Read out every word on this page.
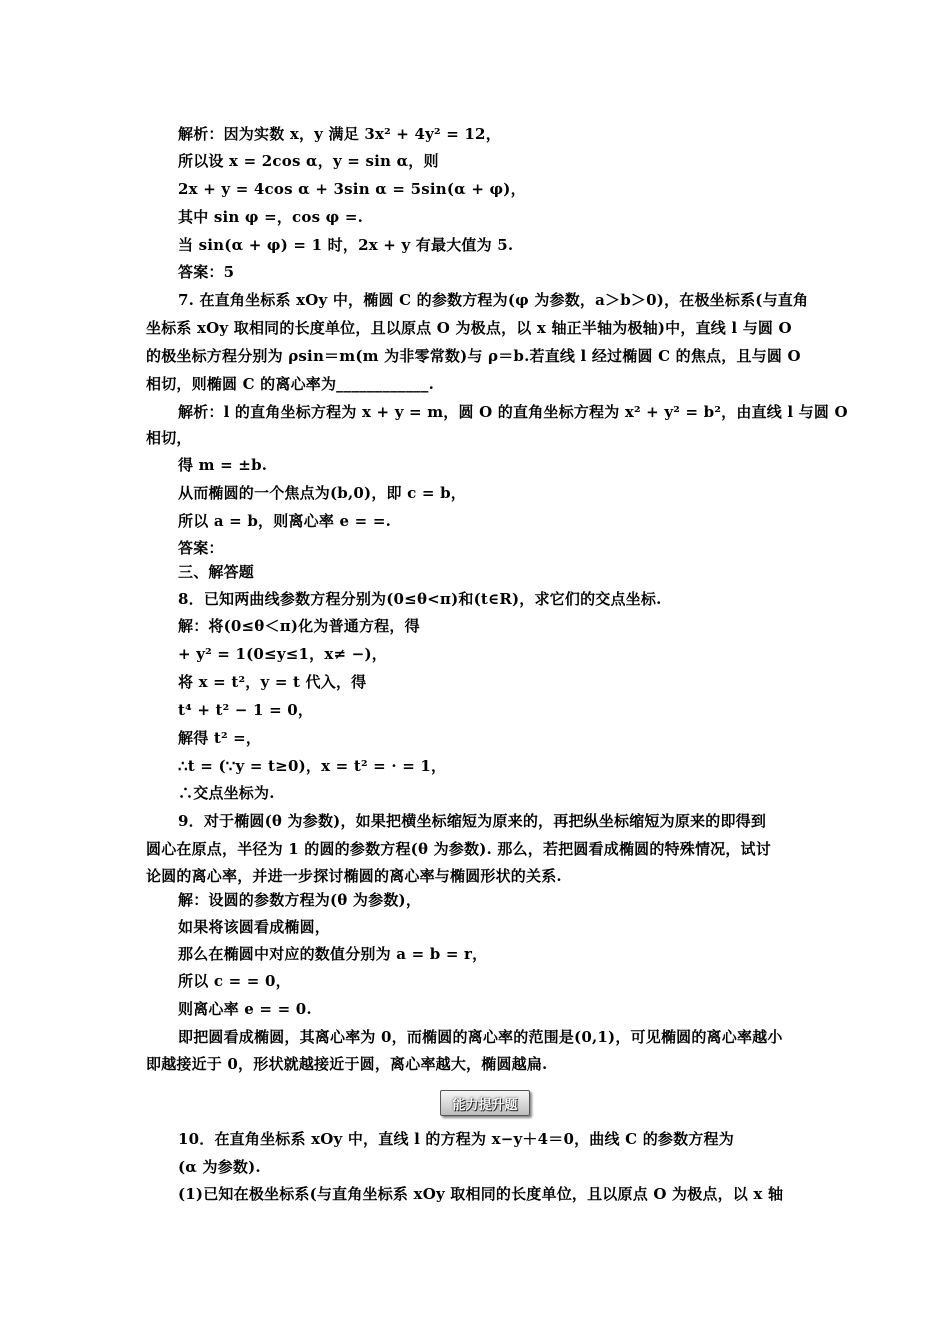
解析：因为实数 x，y 满足 3x² + 4y² = 12，
所以设 x = 2cos α，y = sin α，则
2x + y = 4cos α + 3sin α = 5sin(α + φ)，
其中 sin φ =，cos φ =.
当 sin(α + φ) = 1 时，2x + y 有最大值为 5.
答案：5
7. 在直角坐标系 xOy 中，椭圆 C 的参数方程为(φ 为参数，a＞b＞0)，在极坐标系(与直角
坐标系 xOy 取相同的长度单位，且以原点 O 为极点，以 x 轴正半轴为极轴)中，直线 l 与圆 O
的极坐标方程分别为 ρsin＝m(m 为非零常数)与 ρ＝b.若直线 l 经过椭圆 C 的焦点，且与圆 O
相切，则椭圆 C 的离心率为____________.
解析：l 的直角坐标方程为 x + y = m，圆 O 的直角坐标方程为 x² + y² = b²，由直线 l 与圆 O
相切，
得 m = ±b.
从而椭圆的一个焦点为(b,0)，即 c = b，
所以 a = b，则离心率 e = =.
答案：
三、解答题
8．已知两曲线参数方程分别为(0≤θ<π)和(t∈R)，求它们的交点坐标.
解：将(0≤θ＜π)化为普通方程，得
+ y² = 1(0≤y≤1，x≠ −)，
将 x = t²，y = t 代入，得
t⁴ + t² − 1 = 0，
解得 t² =，
∴t = (∵y = t≥0)，x = t² = · = 1，
∴交点坐标为.
9．对于椭圆(θ 为参数)，如果把横坐标缩短为原来的，再把纵坐标缩短为原来的即得到
圆心在原点，半径为 1 的圆的参数方程(θ 为参数). 那么，若把圆看成椭圆的特殊情况，试讨
论圆的离心率，并进一步探讨椭圆的离心率与椭圆形状的关系.
解：设圆的参数方程为(θ 为参数)，
如果将该圆看成椭圆，
那么在椭圆中对应的数值分别为 a = b = r，
所以 c = = 0，
则离心率 e = = 0.
即把圆看成椭圆，其离心率为 0，而椭圆的离心率的范围是(0,1)，可见椭圆的离心率越小
即越接近于 0，形状就越接近于圆，离心率越大，椭圆越扁.
能力提升题
10．在直角坐标系 xOy 中，直线 l 的方程为 x−y＋4＝0，曲线 C 的参数方程为
(α 为参数).
(1)已知在极坐标系(与直角坐标系 xOy 取相同的长度单位，且以原点 O 为极点，以 x 轴
